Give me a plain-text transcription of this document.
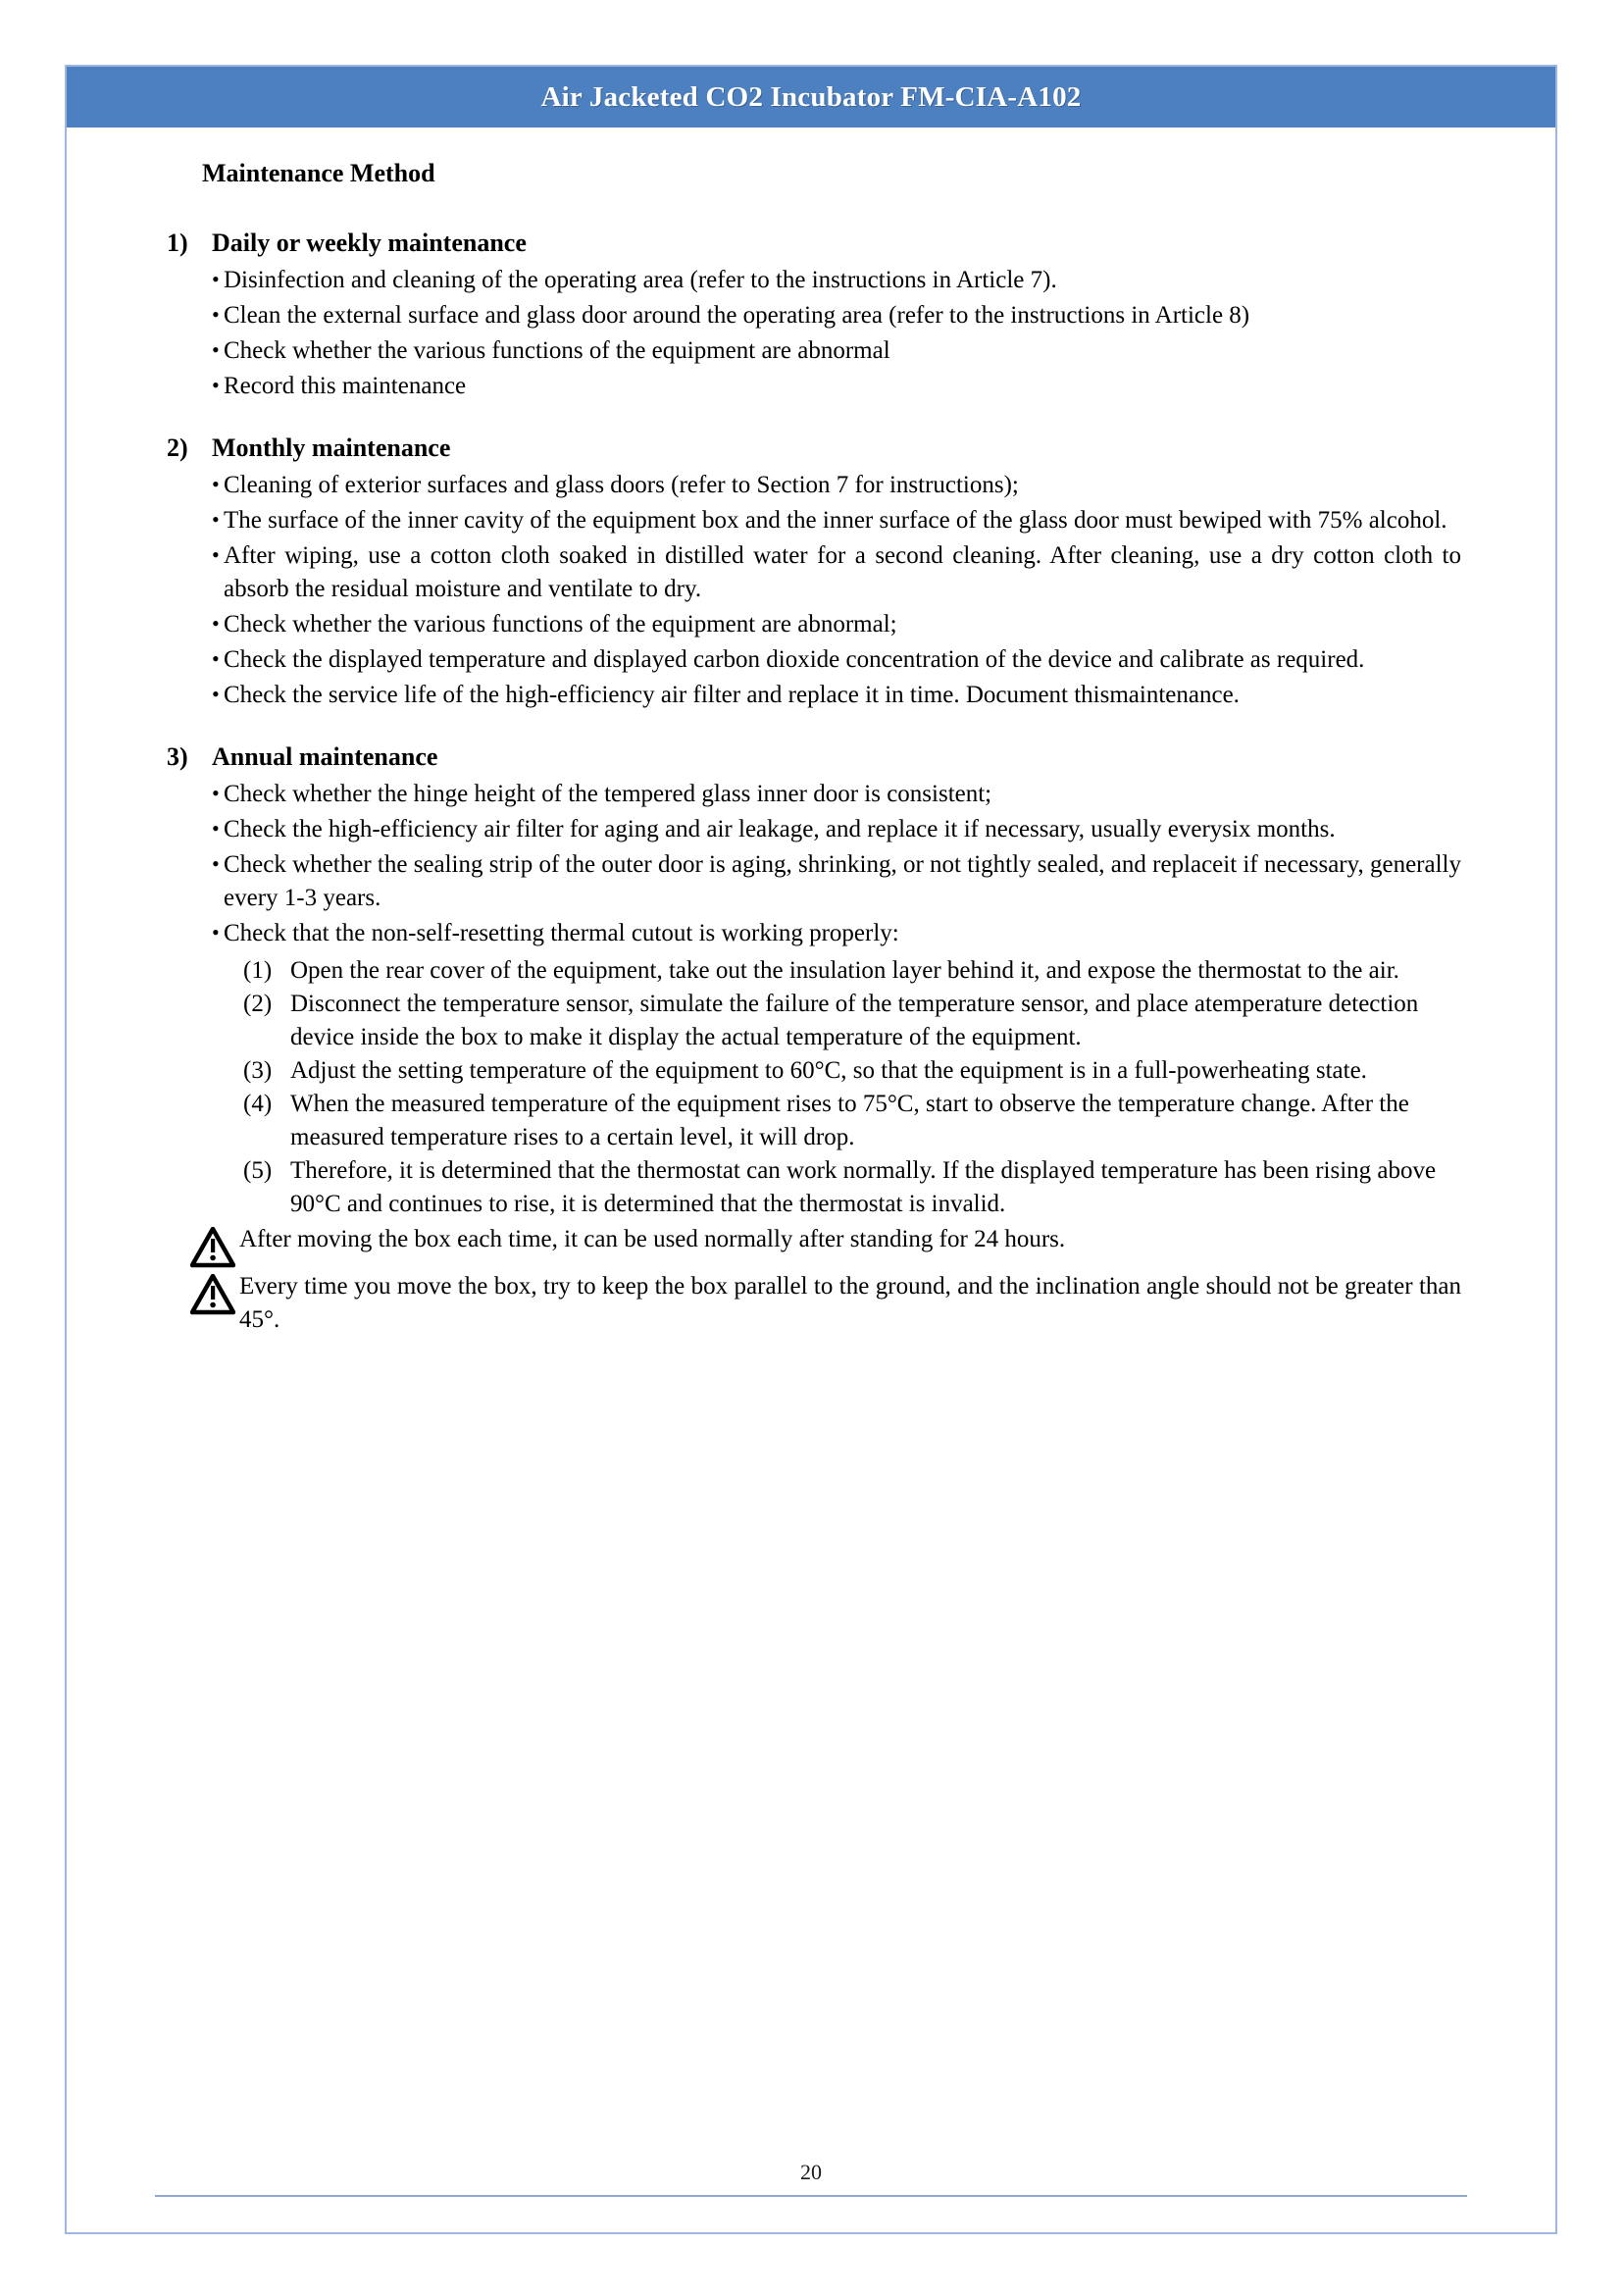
Air Jacketed CO2 Incubator FM-CIA-A102
Maintenance Method
1) Daily or weekly maintenance
• Disinfection and cleaning of the operating area (refer to the instructions in Article 7).
• Clean the external surface and glass door around the operating area (refer to the instructions in Article 8)
• Check whether the various functions of the equipment are abnormal
• Record this maintenance
2) Monthly maintenance
• Cleaning of exterior surfaces and glass doors (refer to Section 7 for instructions);
• The surface of the inner cavity of the equipment box and the inner surface of the glass door must bewiped with 75% alcohol.
• After wiping, use a cotton cloth soaked in distilled water for a second cleaning. After cleaning, use a dry cotton cloth to absorb the residual moisture and ventilate to dry.
• Check whether the various functions of the equipment are abnormal;
• Check the displayed temperature and displayed carbon dioxide concentration of the device and calibrate as required.
• Check the service life of the high-efficiency air filter and replace it in time. Document thismaintenance.
3) Annual maintenance
• Check whether the hinge height of the tempered glass inner door is consistent;
• Check the high-efficiency air filter for aging and air leakage, and replace it if necessary, usually everysix months.
• Check whether the sealing strip of the outer door is aging, shrinking, or not tightly sealed, and replaceit if necessary, generally every 1-3 years.
• Check that the non-self-resetting thermal cutout is working properly:
(1) Open the rear cover of the equipment, take out the insulation layer behind it, and expose the thermostat to the air.
(2) Disconnect the temperature sensor, simulate the failure of the temperature sensor, and place atemperature detection device inside the box to make it display the actual temperature of the equipment.
(3) Adjust the setting temperature of the equipment to 60°C, so that the equipment is in a full-powerheating state.
(4) When the measured temperature of the equipment rises to 75°C, start to observe the temperature change. After the measured temperature rises to a certain level, it will drop.
(5) Therefore, it is determined that the thermostat can work normally. If the displayed temperature has been rising above 90°C and continues to rise, it is determined that the thermostat is invalid.
After moving the box each time, it can be used normally after standing for 24 hours.
Every time you move the box, try to keep the box parallel to the ground, and the inclination angle should not be greater than 45°.
20
